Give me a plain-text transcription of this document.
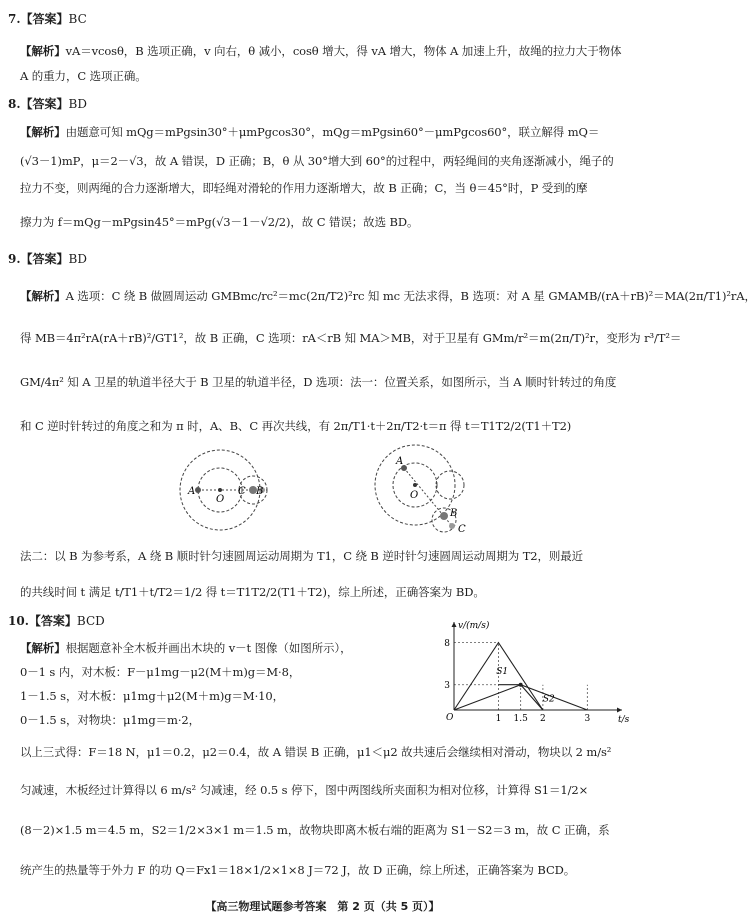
7.【答案】BC
【解析】vA＝vcosθ，B 选项正确，v 向右，θ 减小，cosθ 增大，得 vA 增大，物体 A 加速上升，故绳的拉力大于物体
A 的重力，C 选项正确。
8.【答案】BD
【解析】由题意可知 mQg＝mPgsin30°＋μmPgcos30°，mQg＝mPgsin60°－μmPgcos60°，联立解得 mQ＝
(√3－1)mP，μ＝2－√3，故 A 错误，D 正确；B，θ 从 30°增大到 60°的过程中，两轻绳间的夹角逐渐减小，绳子的
拉力不变，则两绳的合力逐渐增大，即轻绳对滑轮的作用力逐渐增大，故 B 正确；C，当 θ＝45°时，P 受到的摩
擦力为 f＝mQg－mPgsin45°＝mPg(√3－1－√2/2)，故 C 错误；故选 BD。
9.【答案】BD
【解析】A 选项：C 绕 B 做圆周运动 GMBmc/rc²＝mc(2π/T2)²rc 知 mc 无法求得，B 选项：对 A 星 GMAMB/(rA＋rB)²＝MA(2π/T1)²rA，
得 MB＝4π²rA(rA＋rB)²/GT1²，故 B 正确，C 选项：rA＜rB 知 MA＞MB，对于卫星有 GMm/r²＝m(2π/T)²r，变形为 r³/T²＝
GM/4π² 知 A 卫星的轨道半径大于 B 卫星的轨道半径，D 选项：法一：位置关系，如图所示，当 A 顺时针转过的角度
和 C 逆时针转过的角度之和为 π 时，A、B、C 再次共线，有 2π/T1·t＋2π/T2·t＝π 得 t＝T1T2/2(T1＋T2)
A
O
C B
A
O
B
C
法二：以 B 为参考系，A 绕 B 顺时针匀速圆周运动周期为 T1，C 绕 B 逆时针匀速圆周运动周期为 T2，则最近
的共线时间 t 满足 t/T1＋t/T2＝1/2 得 t＝T1T2/2(T1＋T2)，综上所述，正确答案为 BD。
10.【答案】BCD
【解析】根据题意补全木板并画出木块的 v－t 图像（如图所示），
0－1 s 内，对木板：F－μ1mg－μ2(M＋m)g＝M·8，
1－1.5 s，对木板：μ1mg＋μ2(M＋m)g＝M·10，
0－1.5 s，对物块：μ1mg＝m·2，
以上三式得：F＝18 N，μ1＝0.2，μ2＝0.4，故 A 错误 B 正确，μ1＜μ2 故共速后会继续相对滑动，物块以 2 m/s²
匀减速，木板经过计算得以 6 m/s² 匀减速，经 0.5 s 停下，图中两图线所夹面积为相对位移，计算得 S1＝1/2×
(8－2)×1.5 m＝4.5 m，S2＝1/2×3×1 m＝1.5 m，故物块即离木板右端的距离为 S1－S2＝3 m，故 C 正确，系
统产生的热量等于外力 F 的功 Q＝Fx1＝18×1/2×1×8 J＝72 J，故 D 正确，综上所述，正确答案为 BCD。
8
3
1 1.5 2	3
v/(m/s)
t/s
O
S1
S2
【高三物理试题参考答案　第 2 页（共 5 页）】
